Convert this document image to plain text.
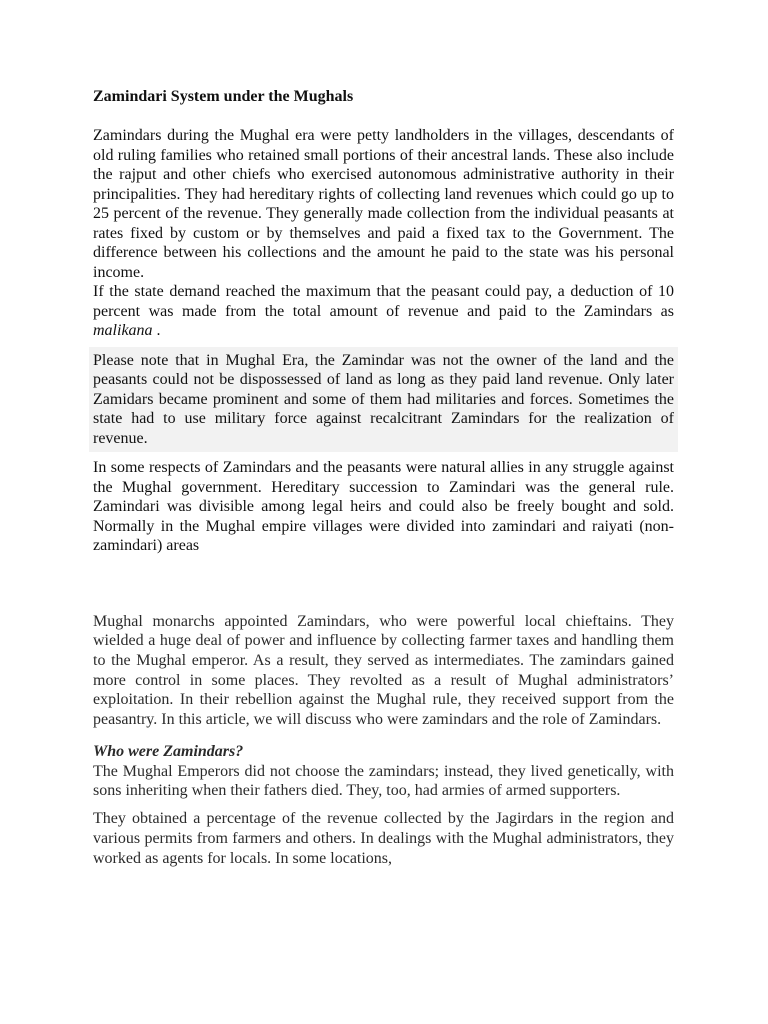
Zamindari System under the Mughals

Zamindars during the Mughal era were petty landholders in the villages, descendants of old ruling families who retained small portions of their ancestral lands. These also include the rajput and other chiefs who exercised autonomous administrative authority in their principalities. They had hereditary rights of collecting land revenues which could go up to 25 percent of the revenue. They generally made collection from the individual peasants at rates fixed by custom or by themselves and paid a fixed tax to the Government. The difference between his collections and the amount he paid to the state was his personal income.

If the state demand reached the maximum that the peasant could pay, a deduction of 10 percent was made from the total amount of revenue and paid to the Zamindars as malikana .

Please note that in Mughal Era, the Zamindar was not the owner of the land and the peasants could not be dispossessed of land as long as they paid land revenue. Only later Zamidars became prominent and some of them had militaries and forces. Sometimes the state had to use military force against recalcitrant Zamindars for the realization of revenue.

In some respects of Zamindars and the peasants were natural allies in any struggle against the Mughal government. Hereditary succession to Zamindari was the general rule. Zamindari was divisible among legal heirs and could also be freely bought and sold. Normally in the Mughal empire villages were divided into zamindari and raiyati (non-zamindari) areas

Mughal monarchs appointed Zamindars, who were powerful local chieftains. They wielded a huge deal of power and influence by collecting farmer taxes and handling them to the Mughal emperor. As a result, they served as intermediates. The zamindars gained more control in some places. They revolted as a result of Mughal administrators’ exploitation. In their rebellion against the Mughal rule, they received support from the peasantry. In this article, we will discuss who were zamindars and the role of Zamindars.

Who were Zamindars?

The Mughal Emperors did not choose the zamindars; instead, they lived genetically, with sons inheriting when their fathers died. They, too, had armies of armed supporters.

They obtained a percentage of the revenue collected by the Jagirdars in the region and various permits from farmers and others. In dealings with the Mughal administrators, they worked as agents for locals. In some locations,
